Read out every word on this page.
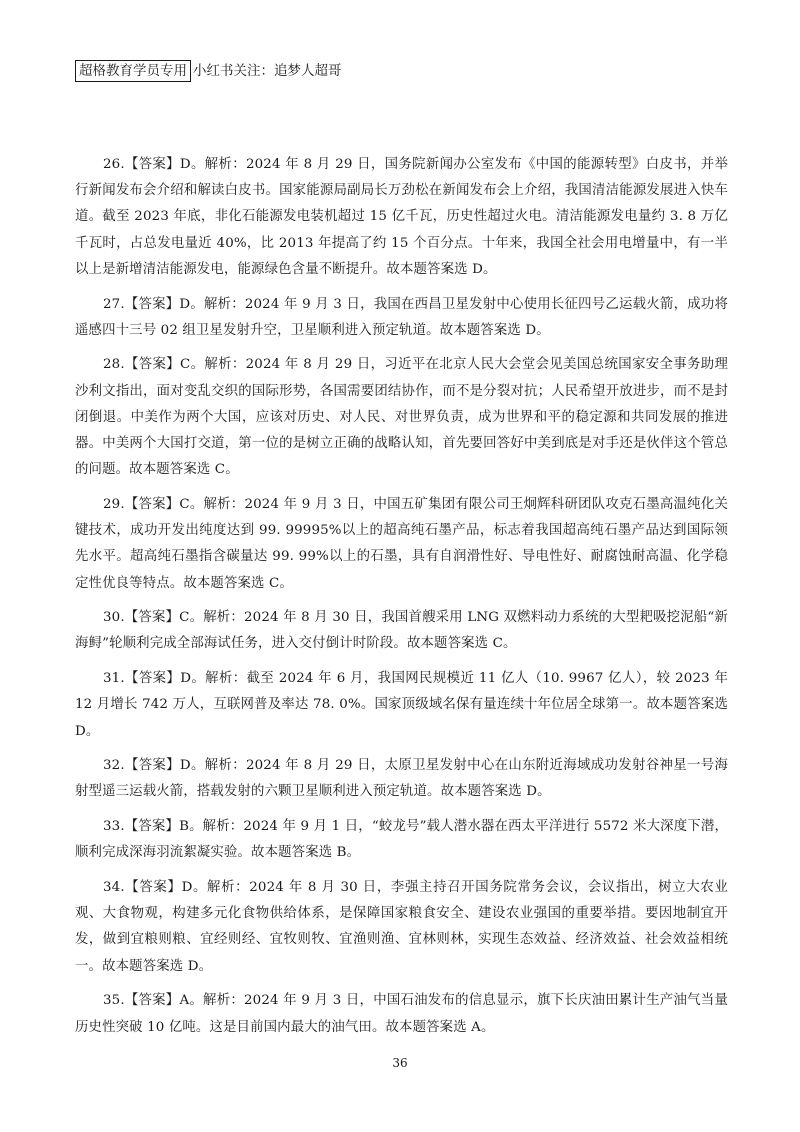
超格教育学员专用 小红书关注：追梦人超哥

26.【答案】D。解析：2024 年 8 月 29 日，国务院新闻办公室发布《中国的能源转型》白皮书，并举行新闻发布会介绍和解读白皮书。国家能源局副局长万劲松在新闻发布会上介绍，我国清洁能源发展进入快车道。截至 2023 年底，非化石能源发电装机超过 15 亿千瓦，历史性超过火电。清洁能源发电量约 3. 8 万亿千瓦时，占总发电量近 40%，比 2013 年提高了约 15 个百分点。十年来，我国全社会用电增量中，有一半以上是新增清洁能源发电，能源绿色含量不断提升。故本题答案选 D。

27.【答案】D。解析：2024 年 9 月 3 日，我国在西昌卫星发射中心使用长征四号乙运载火箭，成功将遥感四十三号 02 组卫星发射升空，卫星顺利进入预定轨道。故本题答案选 D。

28.【答案】C。解析：2024 年 8 月 29 日，习近平在北京人民大会堂会见美国总统国家安全事务助理沙利文指出，面对变乱交织的国际形势，各国需要团结协作，而不是分裂对抗；人民希望开放进步，而不是封闭倒退。中美作为两个大国，应该对历史、对人民、对世界负责，成为世界和平的稳定源和共同发展的推进器。中美两个大国打交道，第一位的是树立正确的战略认知，首先要回答好中美到底是对手还是伙伴这个管总的问题。故本题答案选 C。

29.【答案】C。解析：2024 年 9 月 3 日，中国五矿集团有限公司王炯辉科研团队攻克石墨高温纯化关键技术，成功开发出纯度达到 99. 99995%以上的超高纯石墨产品，标志着我国超高纯石墨产品达到国际领先水平。超高纯石墨指含碳量达 99. 99%以上的石墨，具有自润滑性好、导电性好、耐腐蚀耐高温、化学稳定性优良等特点。故本题答案选 C。

30.【答案】C。解析：2024 年 8 月 30 日，我国首艘采用 LNG 双燃料动力系统的大型耙吸挖泥船“新海鲟”轮顺利完成全部海试任务，进入交付倒计时阶段。故本题答案选 C。

31.【答案】D。解析：截至 2024 年 6 月，我国网民规模近 11 亿人（10. 9967 亿人），较 2023 年 12 月增长 742 万人，互联网普及率达 78. 0%。国家顶级域名保有量连续十年位居全球第一。故本题答案选 D。

32.【答案】D。解析：2024 年 8 月 29 日，太原卫星发射中心在山东附近海域成功发射谷神星一号海射型遥三运载火箭，搭载发射的六颗卫星顺利进入预定轨道。故本题答案选 D。

33.【答案】B。解析：2024 年 9 月 1 日，“蛟龙号”载人潜水器在西太平洋进行 5572 米大深度下潜，顺利完成深海羽流絮凝实验。故本题答案选 B。

34.【答案】D。解析：2024 年 8 月 30 日，李强主持召开国务院常务会议，会议指出，树立大农业观、大食物观，构建多元化食物供给体系，是保障国家粮食安全、建设农业强国的重要举措。要因地制宜开发，做到宜粮则粮、宜经则经、宜牧则牧、宜渔则渔、宜林则林，实现生态效益、经济效益、社会效益相统一。故本题答案选 D。

35.【答案】A。解析：2024 年 9 月 3 日，中国石油发布的信息显示，旗下长庆油田累计生产油气当量历史性突破 10 亿吨。这是目前国内最大的油气田。故本题答案选 A。

36
